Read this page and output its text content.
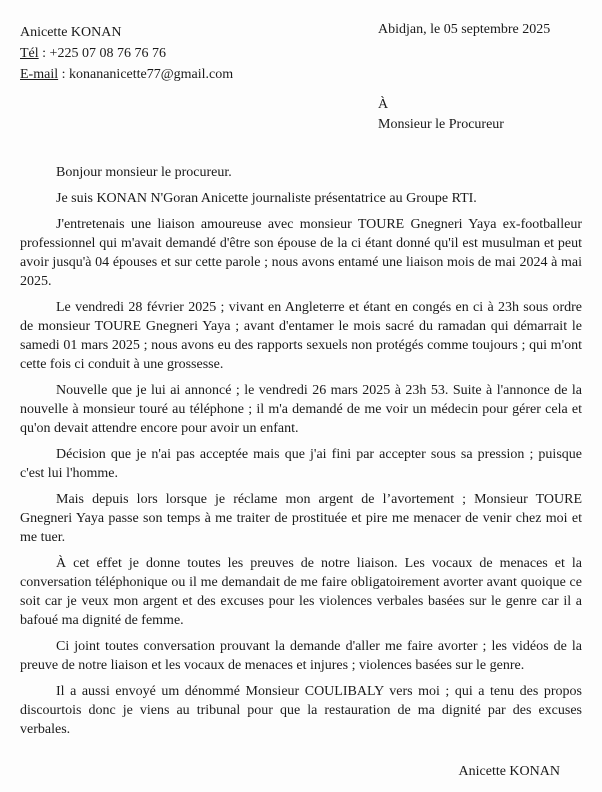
Anicette KONAN
Tél : +225 07 08 76 76 76
E-mail : konananicette77@gmail.com
Abidjan, le 05 septembre 2025
À
Monsieur le Procureur

Bonjour monsieur le procureur.

Je suis KONAN N'Goran Anicette journaliste présentatrice au Groupe RTI.

J'entretenais une liaison amoureuse avec monsieur TOURE Gnegneri Yaya ex-footballeur professionnel qui m'avait demandé d'être son épouse de la ci étant donné qu'il est musulman et peut avoir jusqu'à 04 épouses et sur cette parole ; nous avons entamé une liaison mois de mai 2024 à mai 2025.

Le vendredi 28 février 2025 ; vivant en Angleterre et étant en congés en ci à 23h sous ordre de monsieur TOURE Gnegneri Yaya ; avant d'entamer le mois sacré du ramadan qui démarrait le samedi 01 mars 2025 ; nous avons eu des rapports sexuels non protégés comme toujours ; qui m'ont cette fois ci conduit à une grossesse.

Nouvelle que je lui ai annoncé ; le vendredi 26 mars 2025 à 23h 53. Suite à l'annonce de la nouvelle à monsieur touré au téléphone ; il m'a demandé de me voir un médecin pour gérer cela et qu'on devait attendre encore pour avoir un enfant.

Décision que je n'ai pas acceptée mais que j'ai fini par accepter sous sa pression ; puisque c'est lui l'homme.

Mais depuis lors lorsque je réclame mon argent de l’avortement ; Monsieur TOURE Gnegneri Yaya passe son temps à me traiter de prostituée et pire me menacer de venir chez moi et me tuer.

À cet effet je donne toutes les preuves de notre liaison. Les vocaux de menaces et la conversation téléphonique ou il me demandait de me faire obligatoirement avorter avant quoique ce soit car je veux mon argent et des excuses pour les violences verbales basées sur le genre car il a bafoué ma dignité de femme.

Ci joint toutes conversation prouvant la demande d'aller me faire avorter ; les vidéos de la preuve de notre liaison et les vocaux de menaces et injures ; violences basées sur le genre.

Il a aussi envoyé um dénommé Monsieur COULIBALY vers moi ; qui a tenu des propos discourtois donc je viens au tribunal pour que la restauration de ma dignité par des excuses verbales.

Anicette KONAN
